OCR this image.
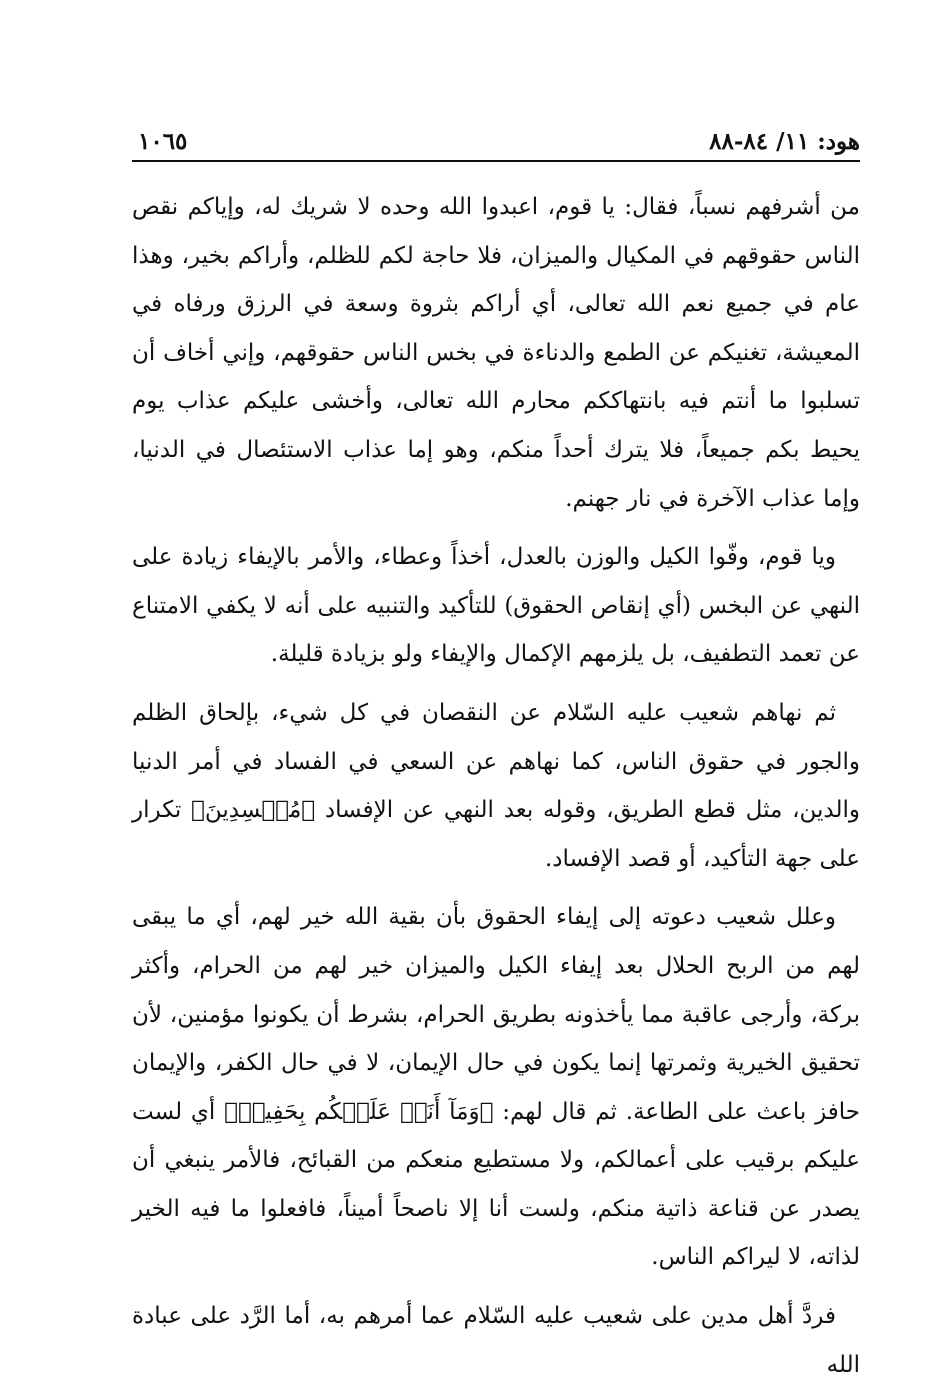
هود: ١١/ ٨٤-٨٨
١٠٦٥

من أشرفهم نسباً، فقال: يا قوم، اعبدوا الله وحده لا شريك له، وإياكم نقص الناس حقوقهم في المكيال والميزان، فلا حاجة لكم للظلم، وأراكم بخير، وهذا عام في جميع نعم الله تعالى، أي أراكم بثروة وسعة في الرزق ورفاه في المعيشة، تغنيكم عن الطمع والدناءة في بخس الناس حقوقهم، وإني أخاف أن تسلبوا ما أنتم فيه بانتهاككم محارم الله تعالى، وأخشى عليكم عذاب يوم يحيط بكم جميعاً، فلا يترك أحداً منكم، وهو إما عذاب الاستئصال في الدنيا، وإما عذاب الآخرة في نار جهنم.

ويا قوم، وفّوا الكيل والوزن بالعدل، أخذاً وعطاء، والأمر بالإيفاء زيادة على النهي عن البخس (أي إنقاص الحقوق) للتأكيد والتنبيه على أنه لا يكفي الامتناع عن تعمد التطفيف، بل يلزمهم الإكمال والإيفاء ولو بزيادة قليلة.

ثم نهاهم شعيب عليه السّلام عن النقصان في كل شيء، بإلحاق الظلم والجور في حقوق الناس، كما نهاهم عن السعي في الفساد في أمر الدنيا والدين، مثل قطع الطريق، وقوله بعد النهي عن الإفساد ﴿مُفۡسِدِينَ﴾ تكرار على جهة التأكيد، أو قصد الإفساد.

وعلل شعيب دعوته إلى إيفاء الحقوق بأن بقية الله خير لهم، أي ما يبقى لهم من الربح الحلال بعد إيفاء الكيل والميزان خير لهم من الحرام، وأكثر بركة، وأرجى عاقبة مما يأخذونه بطريق الحرام، بشرط أن يكونوا مؤمنين، لأن تحقيق الخيرية وثمرتها إنما يكون في حال الإيمان، لا في حال الكفر، والإيمان حافز باعث على الطاعة. ثم قال لهم: ﴿وَمَآ أَنَا۠ عَلَيۡكُم بِحَفِيظٖ﴾ أي لست عليكم برقيب على أعمالكم، ولا مستطيع منعكم من القبائح، فالأمر ينبغي أن يصدر عن قناعة ذاتية منكم، ولست أنا إلا ناصحاً أميناً، فافعلوا ما فيه الخير لذاته، لا ليراكم الناس.

فردَّ أهل مدين على شعيب عليه السّلام عما أمرهم به، أما الرَّد على عبادة الله
